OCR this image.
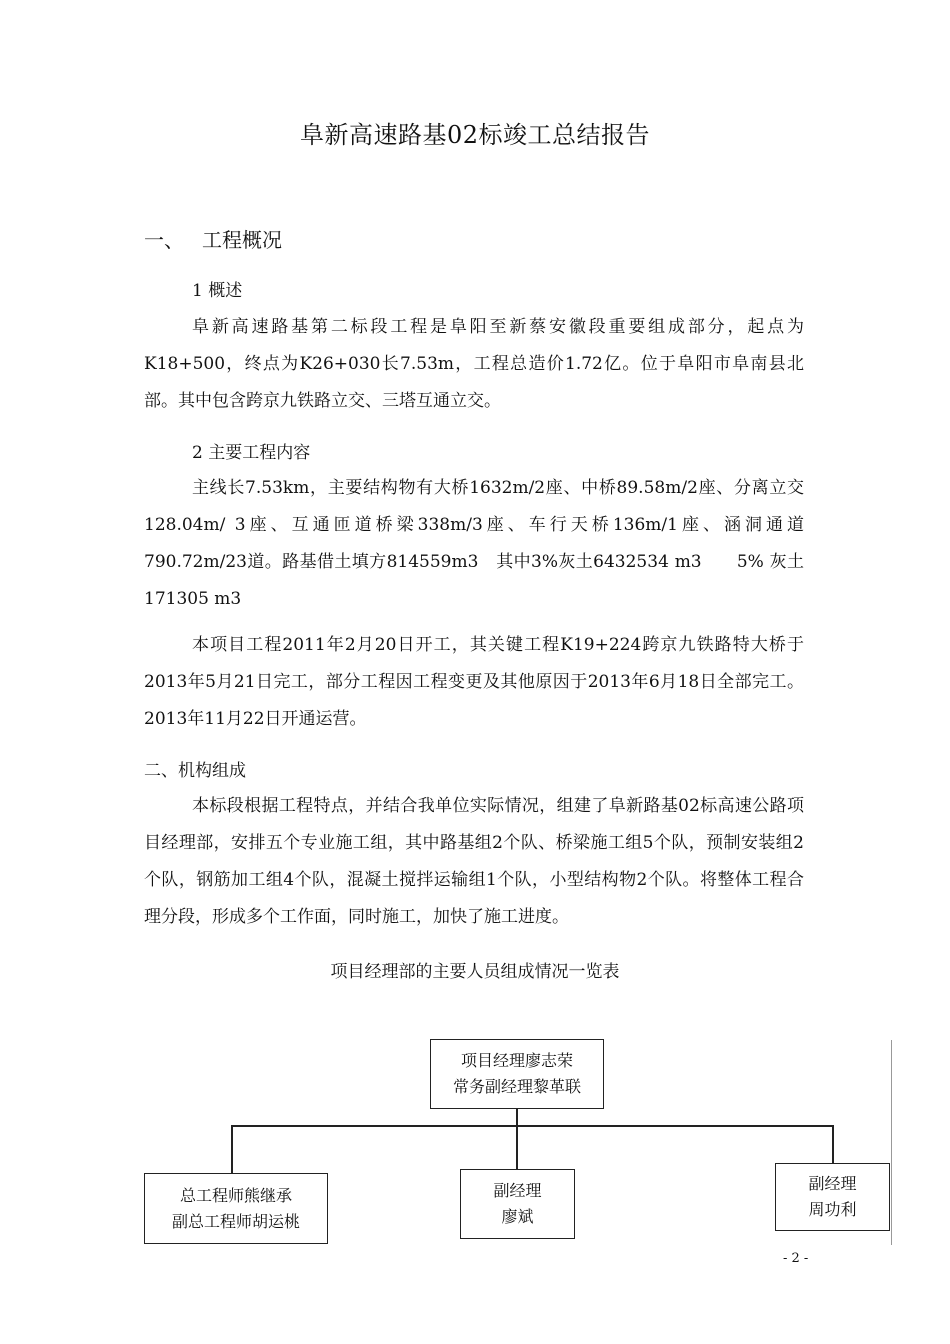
阜新高速路基02标竣工总结报告
一、 工程概况
1 概述
阜新高速路基第二标段工程是阜阳至新蔡安徽段重要组成部分，起点为K18+500，终点为K26+030长7.53m，工程总造价1.72亿。位于阜阳市阜南县北部。其中包含跨京九铁路立交、三塔互通立交。
2 主要工程内容
主线长7.53km，主要结构物有大桥1632m/2座、中桥89.58m/2座、分离立交128.04m/ 3座、互通匝道桥梁338m/3座、车行天桥136m/1座、涵洞通道790.72m/23道。路基借土填方814559m3　其中3%灰土6432534 m3　　5% 灰土171305 m3
本项目工程2011年2月20日开工，其关键工程K19+224跨京九铁路特大桥于2013年5月21日完工，部分工程因工程变更及其他原因于2013年6月18日全部完工。2013年11月22日开通运营。
二、机构组成
本标段根据工程特点，并结合我单位实际情况，组建了阜新路基02标高速公路项目经理部，安排五个专业施工组，其中路基组2个队、桥梁施工组5个队，预制安装组2个队，钢筋加工组4个队，混凝土搅拌运输组1个队，小型结构物2个队。将整体工程合理分段，形成多个工作面，同时施工，加快了施工进度。
项目经理部的主要人员组成情况一览表
项目经理廖志荣
常务副经理黎革联
总工程师熊继承
副总工程师胡运桃
副经理
廖斌
副经理
周功利
- 2 -
